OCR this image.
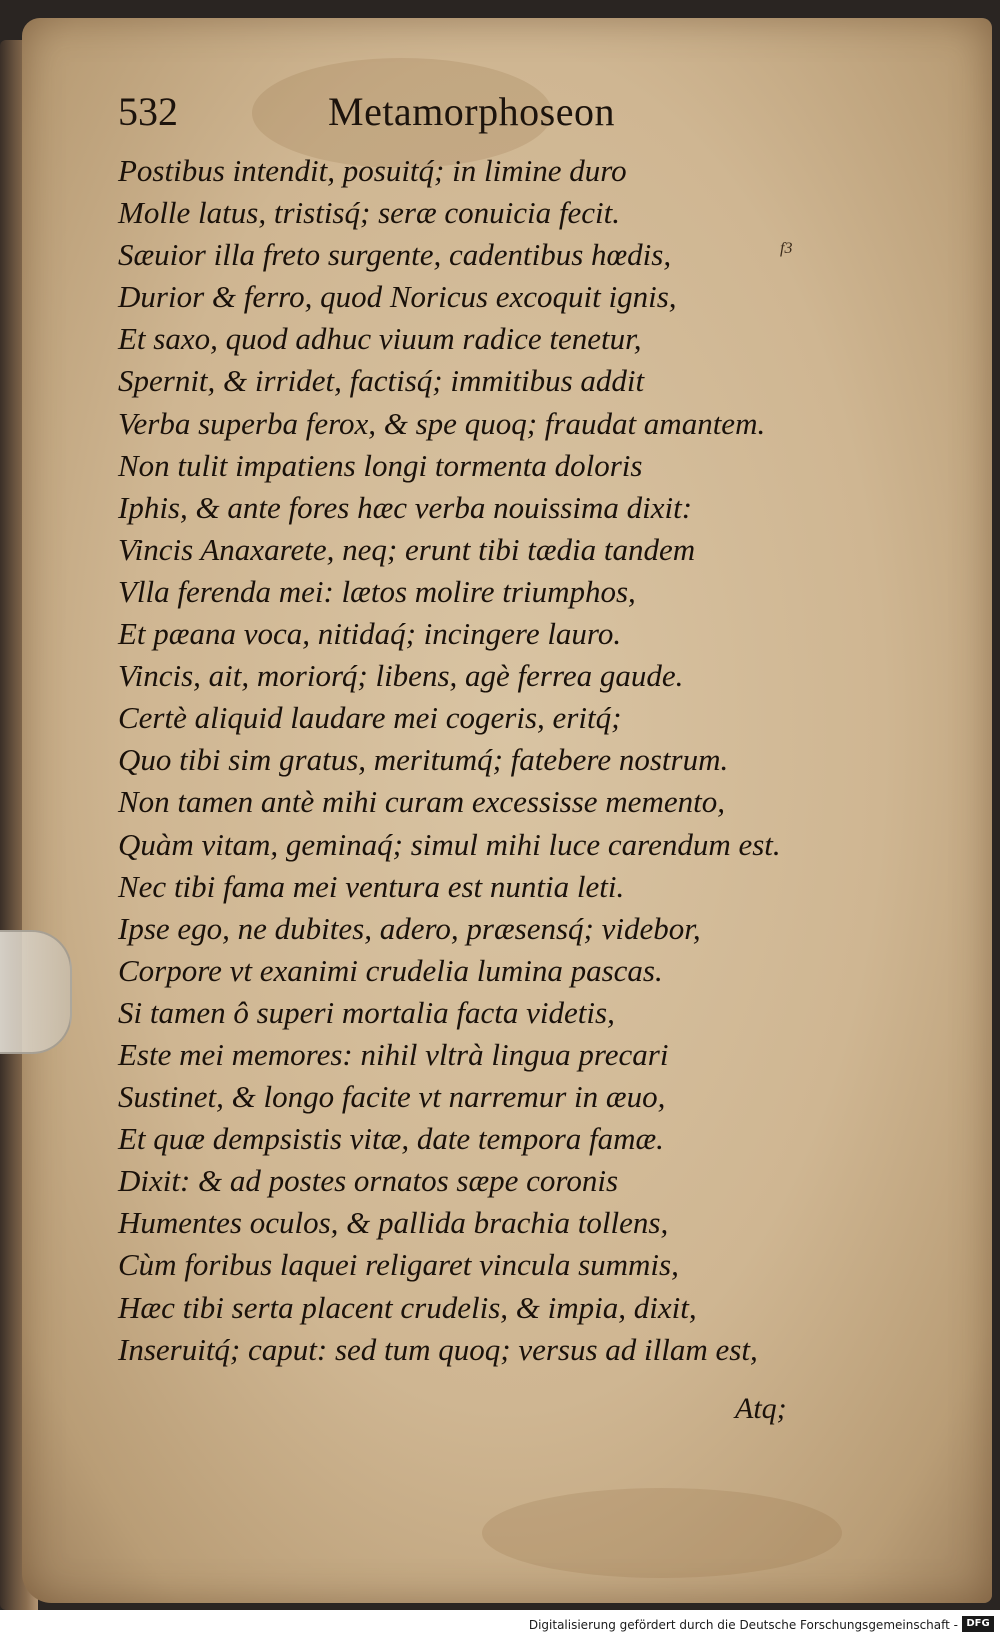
532	Metamorphoseon
f3
Postibus intendit, posuitq́; in limine duro
Molle latus, tristisq́; seræ conuicia fecit.
Sæuior illa freto surgente, cadentibus hœdis,
Durior & ferro, quod Noricus excoquit ignis,
Et saxo, quod adhuc viuum radice tenetur,
Spernit, & irridet, factisq́; immitibus addit
Verba superba ferox, & spe quoq; fraudat amantem.
Non tulit impatiens longi tormenta doloris
Iphis, & ante fores hæc verba nouissima dixit:
Vincis Anaxarete, neq; erunt tibi tædia tandem
Vlla ferenda mei: lætos molire triumphos,
Et pæana voca, nitidaq́; incingere lauro.
Vincis, ait, moriorq́; libens, agè ferrea gaude.
Certè aliquid laudare mei cogeris, eritq́;
Quo tibi sim gratus, meritumq́; fatebere nostrum.
Non tamen antè mihi curam excessisse memento,
Quàm vitam, geminaq́; simul mihi luce carendum est.
Nec tibi fama mei ventura est nuntia leti.
Ipse ego, ne dubites, adero, præsensq́; videbor,
Corpore vt exanimi crudelia lumina pascas.
Si tamen ô superi mortalia facta videtis,
Este mei memores: nihil vltrà lingua precari
Sustinet, & longo facite vt narremur in æuo,
Et quæ dempsistis vitæ, date tempora famæ.
Dixit: & ad postes ornatos sæpe coronis
Humentes oculos, & pallida brachia tollens,
Cùm foribus laquei religaret vincula summis,
Hæc tibi serta placent crudelis, & impia, dixit,
Inseruitq́; caput: sed tum quoq; versus ad illam est,
Atq;
Digitalisierung gefördert durch die Deutsche Forschungsgemeinschaft - DFG
